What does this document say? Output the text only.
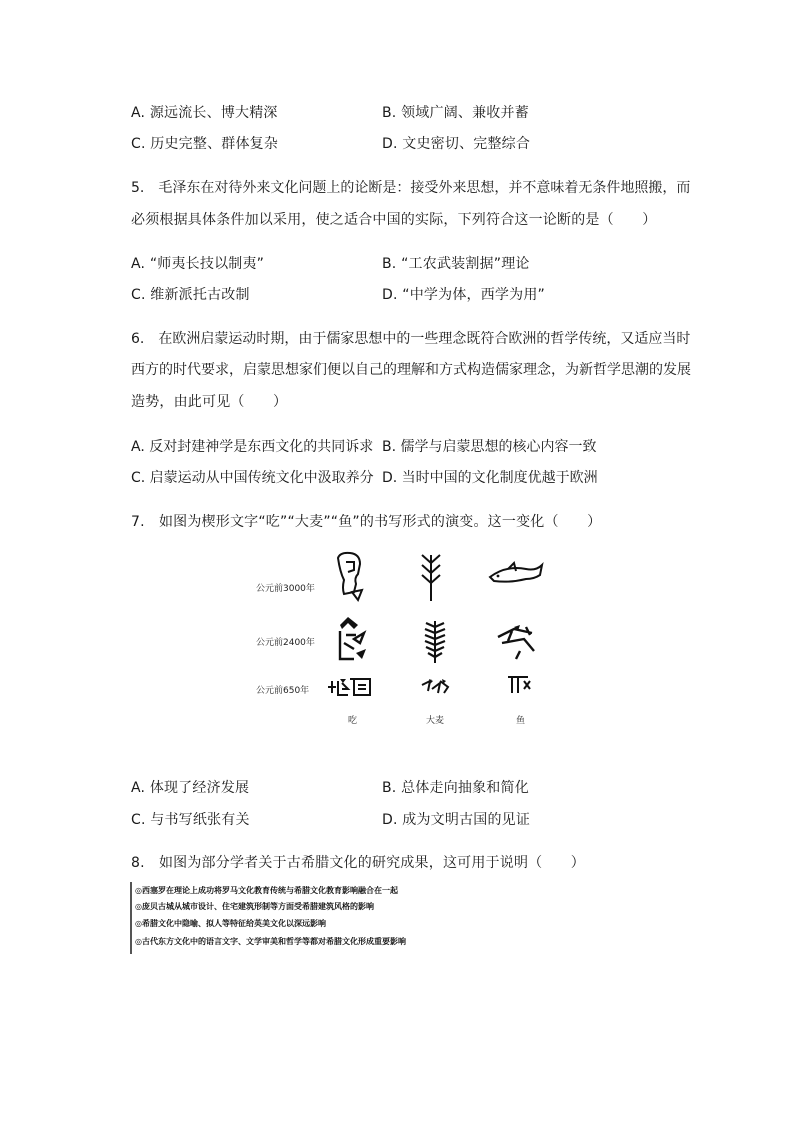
A. 源远流长、博大精深	B. 领域广阔、兼收并蓄
C. 历史完整、群体复杂	D. 文史密切、完整综合
5.　毛泽东在对待外来文化问题上的论断是：接受外来思想，并不意味着无条件地照搬，而
必须根据具体条件加以采用，使之适合中国的实际，下列符合这一论断的是（　　）
A. “师夷长技以制夷”	B. “工农武装割据”理论
C. 维新派托古改制	D. “中学为体，西学为用”
6.　在欧洲启蒙运动时期，由于儒家思想中的一些理念既符合欧洲的哲学传统，又适应当时
西方的时代要求，启蒙思想家们便以自己的理解和方式构造儒家理念，为新哲学思潮的发展
造势，由此可见（　　）
A. 反对封建神学是东西文化的共同诉求 B. 儒学与启蒙思想的核心内容一致
C. 启蒙运动从中国传统文化中汲取养分 D. 当时中国的文化制度优越于欧洲
7.　如图为楔形文字“吃”“大麦”“鱼”的书写形式的演变。这一变化（　　）
公元前3000年
公元前2400年
公元前650年
吃	大麦	鱼
A. 体现了经济发展	B. 总体走向抽象和简化
C. 与书写纸张有关	D. 成为文明古国的见证
8.　如图为部分学者关于古希腊文化的研究成果，这可用于说明（　　）
◎西塞罗在理论上成功将罗马文化教育传统与希腊文化教育影响融合在一起
◎庞贝古城从城市设计、住宅建筑形制等方面受希腊建筑风格的影响
◎希腊文化中隐喻、拟人等特征给英美文化以深远影响
◎古代东方文化中的语言文字、文学审美和哲学等都对希腊文化形成重要影响
